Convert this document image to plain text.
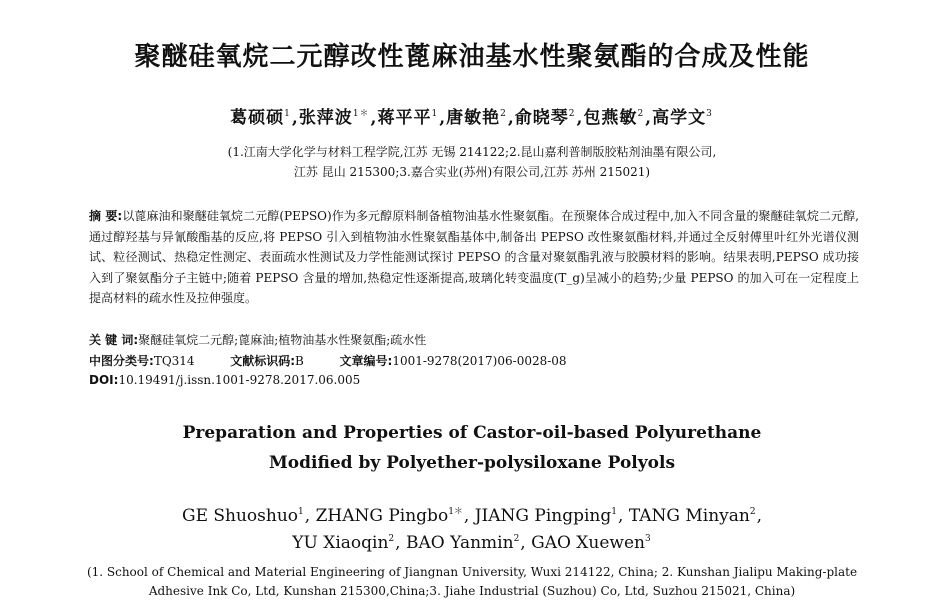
聚醚硅氧烷二元醇改性蓖麻油基水性聚氨酯的合成及性能
葛硕硕$^1$,张萍波$^{1*}$,蒋平平$^1$,唐敏艳$^2$,俞晓琴$^2$,包燕敏$^2$,高学文$^3$
(1.江南大学化学与材料工程学院,江苏 无锡 214122;2.昆山嘉利普制版胶粘剂油墨有限公司,
江苏 昆山 215300;3.嘉合实业(苏州)有限公司,江苏 苏州 215021)
摘 要:以蓖麻油和聚醚硅氧烷二元醇(PEPSO)作为多元醇原料制备植物油基水性聚氨酯。在预聚体合成过程中,加入不同含量的聚醚硅氧烷二元醇,通过醇羟基与异氰酸酯基的反应,将 PEPSO 引入到植物油水性聚氨酯基体中,制备出 PEPSO 改性聚氨酯材料,并通过全反射傅里叶红外光谱仪测试、粒径测试、热稳定性测定、表面疏水性测试及力学性能测试探讨 PEPSO 的含量对聚氨酯乳液与胶膜材料的影响。结果表明,PEPSO 成功接入到了聚氨酯分子主链中;随着 PEPSO 含量的增加,热稳定性逐渐提高,玻璃化转变温度(T_g)呈减小的趋势;少量 PEPSO 的加入可在一定程度上提高材料的疏水性及拉伸强度。
关 键 词:聚醚硅氧烷二元醇;蓖麻油;植物油基水性聚氨酯;疏水性
中图分类号:TQ314	文献标识码:B	文章编号:1001-9278(2017)06-0028-08
DOI:10.19491/j.issn.1001-9278.2017.06.005
Preparation and Properties of Castor-oil-based Polyurethane
Modified by Polyether-polysiloxane Polyols
GE Shuoshuo$^1$, ZHANG Pingbo$^{1*}$, JIANG Pingping$^1$, TANG Minyan$^2$,
YU Xiaoqin$^2$, BAO Yanmin$^2$, GAO Xuewen$^3$
(1. School of Chemical and Material Engineering of Jiangnan University, Wuxi 214122, China; 2. Kunshan Jialipu Making-plate
Adhesive Ink Co, Ltd, Kunshan 215300,China;3. Jiahe Industrial (Suzhou) Co, Ltd, Suzhou 215021, China)
